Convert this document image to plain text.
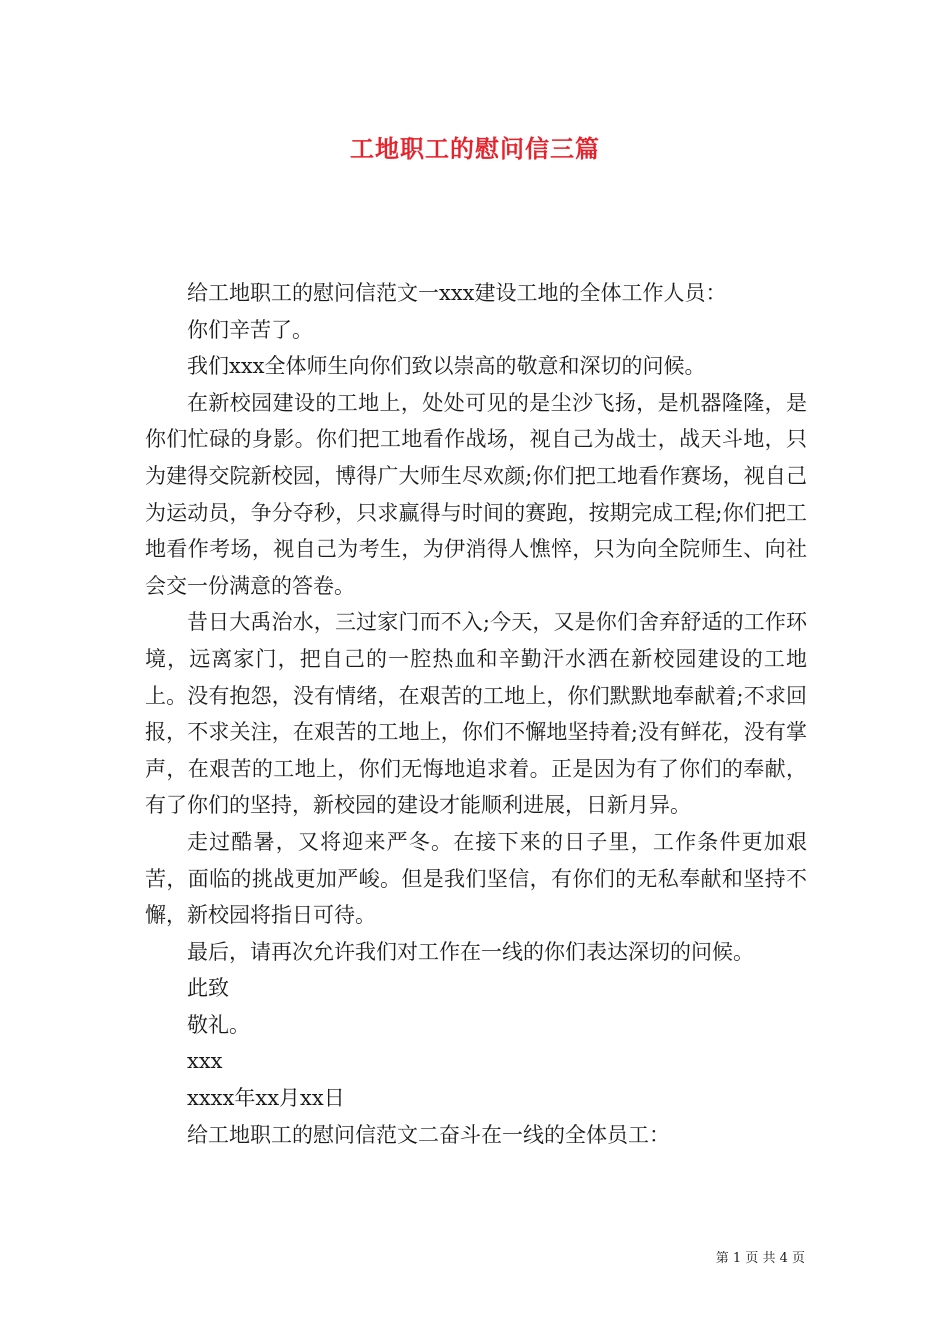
工地职工的慰问信三篇

给工地职工的慰问信范文一xxx建设工地的全体工作人员：

你们辛苦了。

我们xxx全体师生向你们致以崇高的敬意和深切的问候。

在新校园建设的工地上，处处可见的是尘沙飞扬，是机器隆隆，是你们忙碌的身影。你们把工地看作战场，视自己为战士，战天斗地，只为建得交院新校园，博得广大师生尽欢颜;你们把工地看作赛场，视自己为运动员，争分夺秒，只求赢得与时间的赛跑，按期完成工程;你们把工地看作考场，视自己为考生，为伊消得人憔悴，只为向全院师生、向社会交一份满意的答卷。

昔日大禹治水，三过家门而不入;今天，又是你们舍弃舒适的工作环境，远离家门，把自己的一腔热血和辛勤汗水洒在新校园建设的工地上。没有抱怨，没有情绪，在艰苦的工地上，你们默默地奉献着;不求回报，不求关注，在艰苦的工地上，你们不懈地坚持着;没有鲜花，没有掌声，在艰苦的工地上，你们无悔地追求着。正是因为有了你们的奉献，有了你们的坚持，新校园的建设才能顺利进展，日新月异。

走过酷暑，又将迎来严冬。在接下来的日子里，工作条件更加艰苦，面临的挑战更加严峻。但是我们坚信，有你们的无私奉献和坚持不懈，新校园将指日可待。

最后，请再次允许我们对工作在一线的你们表达深切的问候。

此致

敬礼。

xxx

xxxx年xx月xx日

给工地职工的慰问信范文二奋斗在一线的全体员工：

第 1 页 共 4 页
